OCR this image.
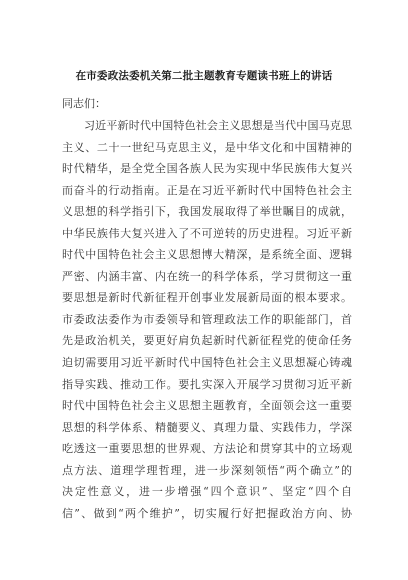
在市委政法委机关第二批主题教育专题读书班上的讲话
同志们：
习近平新时代中国特色社会主义思想是当代中国马克思
主义、二十一世纪马克思主义，是中华文化和中国精神的
时代精华，是全党全国各族人民为实现中华民族伟大复兴
而奋斗的行动指南。正是在习近平新时代中国特色社会主
义思想的科学指引下，我国发展取得了举世瞩目的成就，
中华民族伟大复兴进入了不可逆转的历史进程。习近平新
时代中国特色社会主义思想博大精深，是系统全面、逻辑
严密、内涵丰富、内在统一的科学体系，学习贯彻这一重
要思想是新时代新征程开创事业发展新局面的根本要求。
市委政法委作为市委领导和管理政法工作的职能部门，首
先是政治机关，要更好肩负起新时代新征程党的使命任务
迫切需要用习近平新时代中国特色社会主义思想凝心铸魂
指导实践、推动工作。要扎实深入开展学习贯彻习近平新
时代中国特色社会主义思想主题教育，全面领会这一重要
思想的科学体系、精髓要义、真理力量、实践伟力，学深
吃透这一重要思想的世界观、方法论和贯穿其中的立场观
点方法、道理学理哲理，进一步深刻领悟“两个确立”的
决定性意义，进一步增强“四个意识”、坚定“四个自
信”、做到“两个维护”，切实履行好把握政治方向、协
